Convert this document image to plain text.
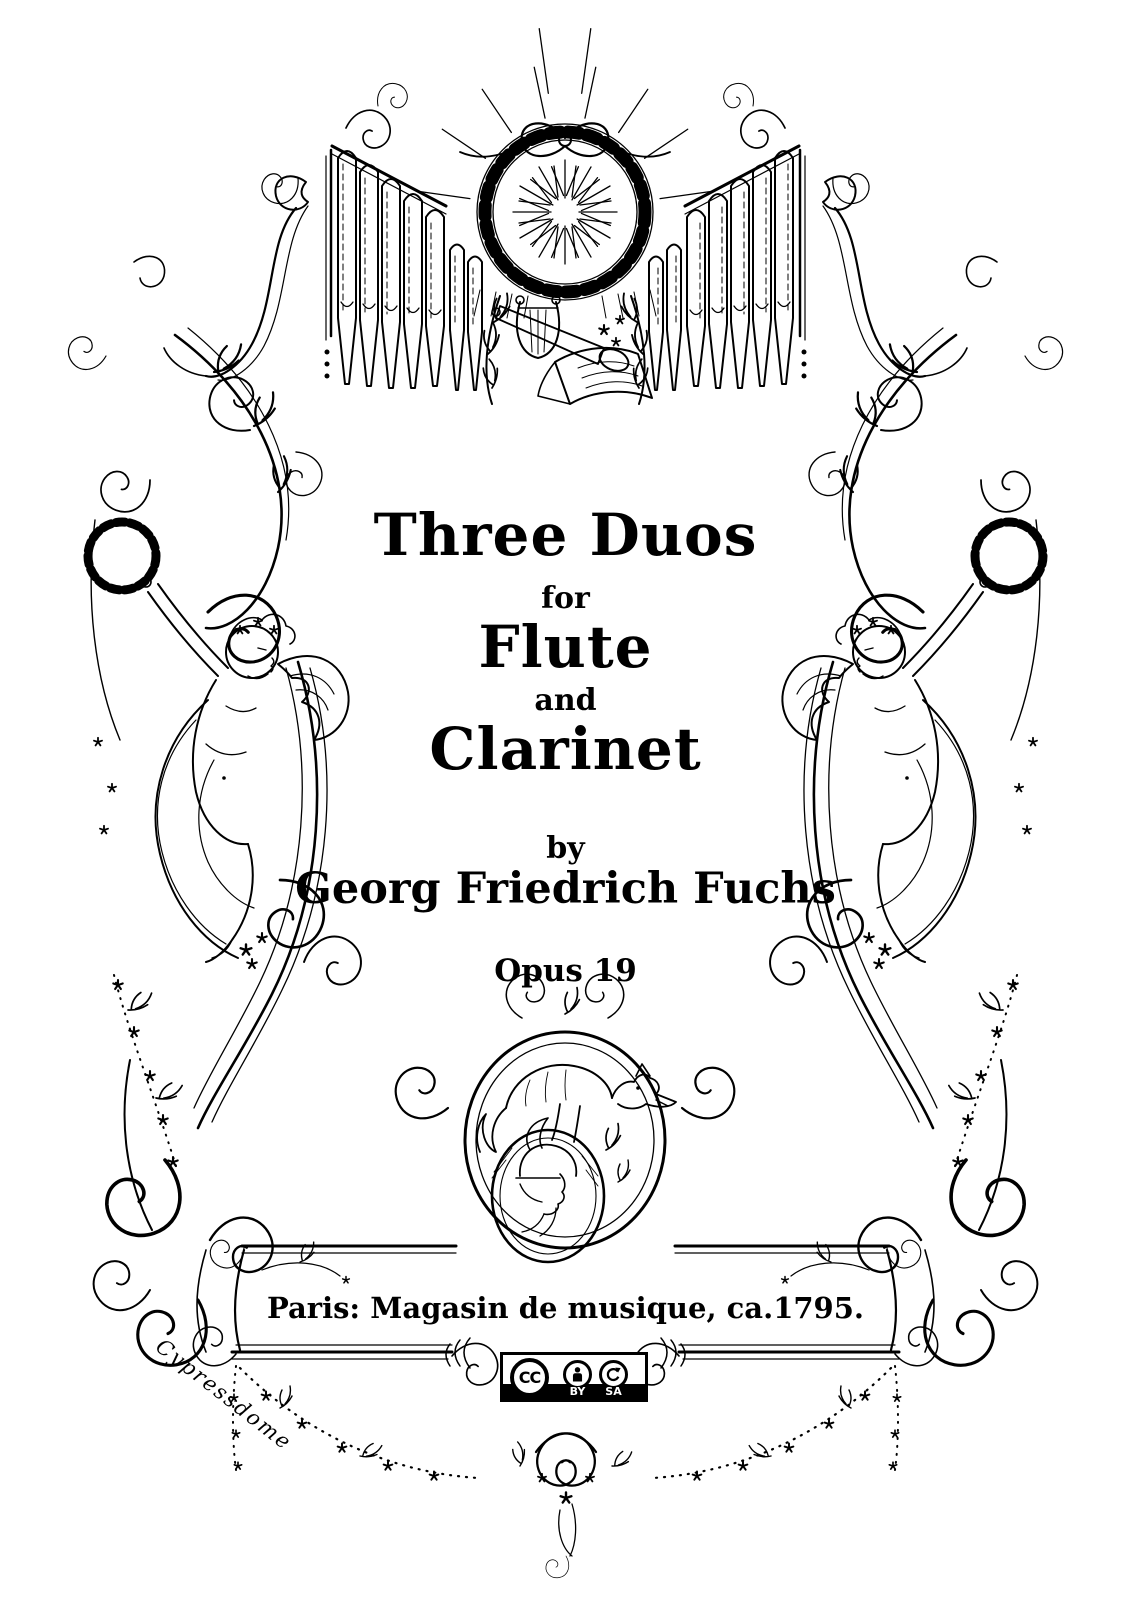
Three Duos
for
Flute
and
Clarinet
by
Georg Friedrich Fuchs
Opus 19
Paris: Magasin de musique, ca.1795.
Cypressdome	CC
BY	SA
